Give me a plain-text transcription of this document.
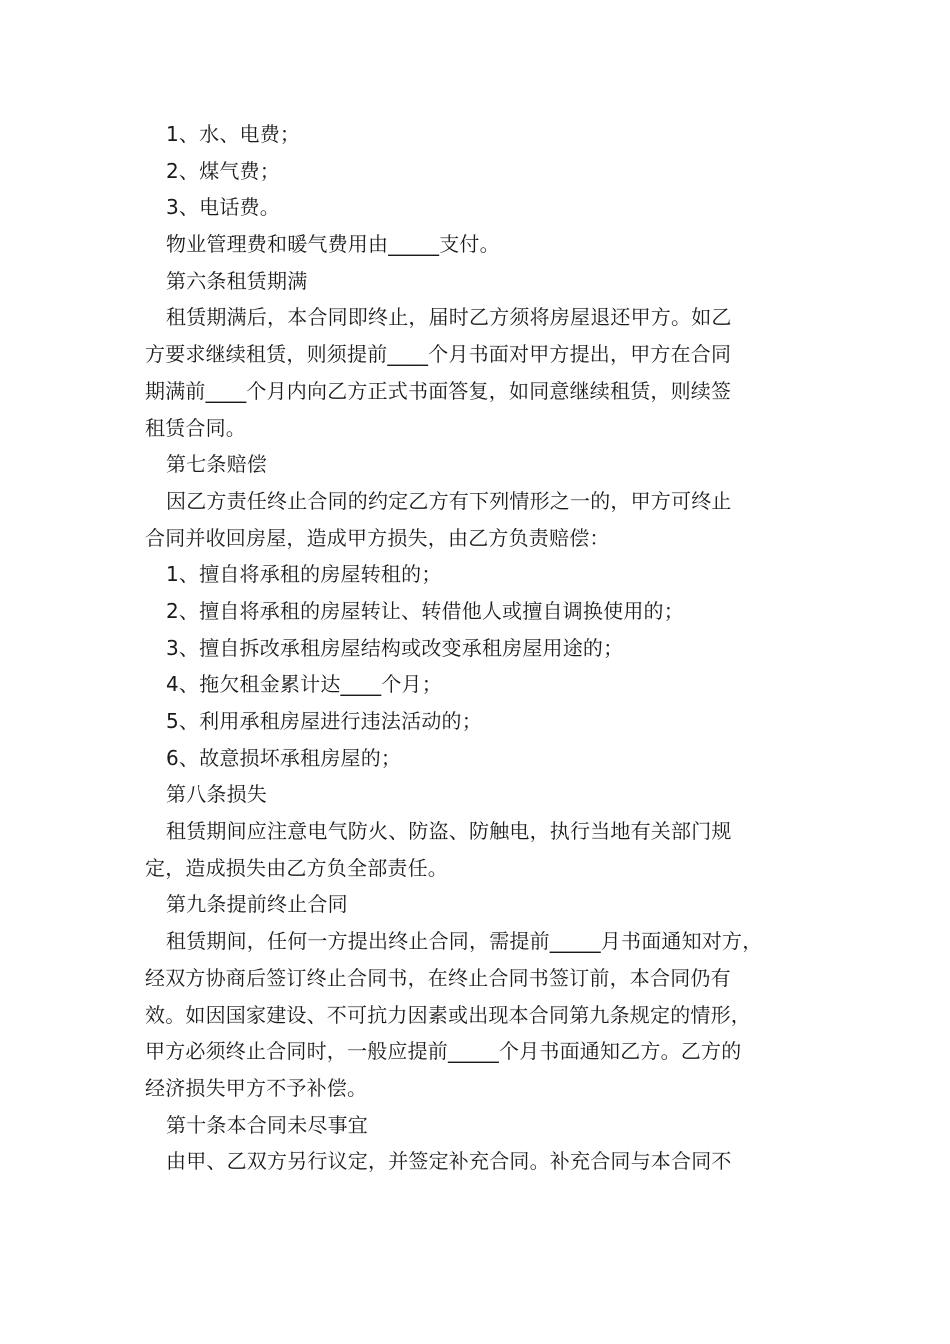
1、水、电费；
2、煤气费；
3、电话费。
物业管理费和暖气费用由_____支付。
第六条租赁期满
租赁期满后，本合同即终止，届时乙方须将房屋退还甲方。如乙
方要求继续租赁，则须提前____个月书面对甲方提出，甲方在合同
期满前____个月内向乙方正式书面答复，如同意继续租赁，则续签
租赁合同。
第七条赔偿
因乙方责任终止合同的约定乙方有下列情形之一的，甲方可终止
合同并收回房屋，造成甲方损失，由乙方负责赔偿：
1、擅自将承租的房屋转租的；
2、擅自将承租的房屋转让、转借他人或擅自调换使用的；
3、擅自拆改承租房屋结构或改变承租房屋用途的；
4、拖欠租金累计达____个月；
5、利用承租房屋进行违法活动的；
6、故意损坏承租房屋的；
第八条损失
租赁期间应注意电气防火、防盗、防触电，执行当地有关部门规
定，造成损失由乙方负全部责任。
第九条提前终止合同
租赁期间，任何一方提出终止合同，需提前_____月书面通知对方，
经双方协商后签订终止合同书，在终止合同书签订前，本合同仍有
效。如因国家建设、不可抗力因素或出现本合同第九条规定的情形，
甲方必须终止合同时，一般应提前_____个月书面通知乙方。乙方的
经济损失甲方不予补偿。
第十条本合同未尽事宜
由甲、乙双方另行议定，并签定补充合同。补充合同与本合同不
